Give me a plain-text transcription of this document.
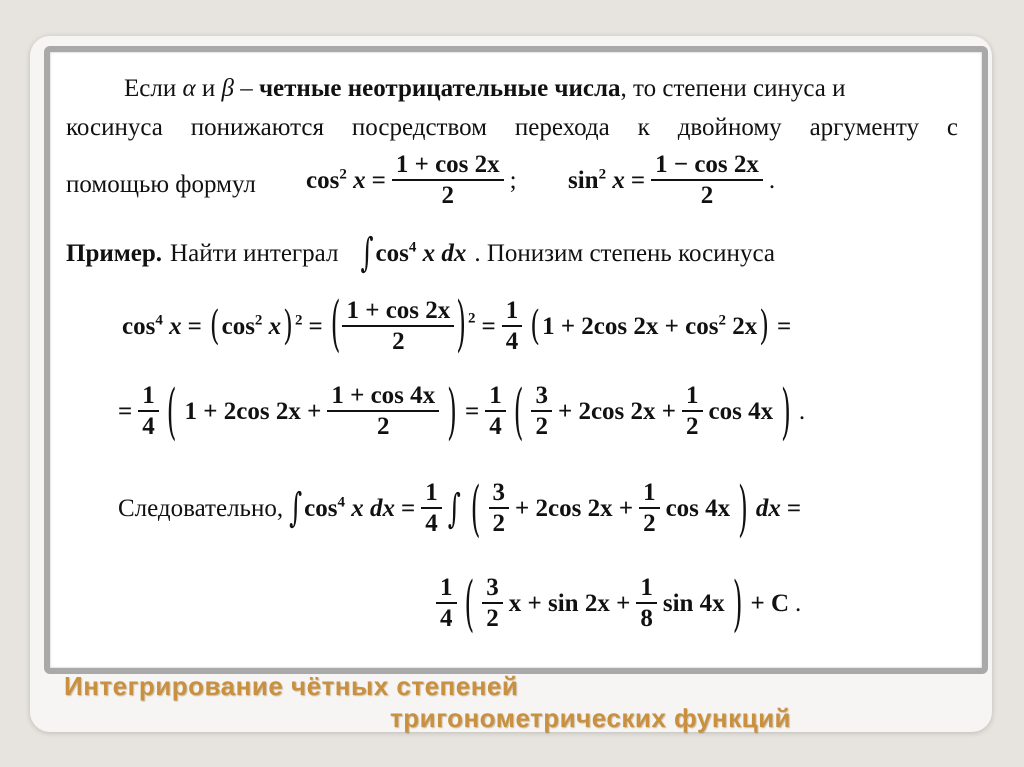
Если α и β – четные неотрицательные числа, то степени синуса и
косинуса понижаются посредством перехода к двойному аргументу с
помощью формул $\cos^2 x = \frac{1 + \cos 2x}{2}$ ; $\sin^2 x = \frac{1 - \cos 2x}{2}$ .
Пример. Найти интеграл $\int\cos^4$ x dx . Понизим степень косинуса
$\cos^4 x = (\cos^2$ x) $^2$ = ( $\frac{1 + \cos 2x}{2}$ ) $^2 = \frac{1}{4} (1 + 2\cos$ $2x + \cos^2 2x$) =
= $\frac{1}{4}$ ( 1 + 2cos $2x + \frac{1 + \cos 4x}{2}$ ) = $\frac{1}{4}$ ( $\frac{3}{2} + 2\cos$ $2x + \frac{1}{2}$ cos 4x ) .
Следовательно, $\int\cos^4$ x dx = $\frac{1}{4}$ ∫ ( $\frac{3}{2} + 2\cos$ $2x + \frac{1}{2}$ cos 4x ) dx =
$\frac{1}{4}$ ( $\frac{3}{2}$ $x + \sin 2x + \frac{1}{8}$ sin 4x ) + C .
Интегрирование чётных степеней
тригонометрических функций
